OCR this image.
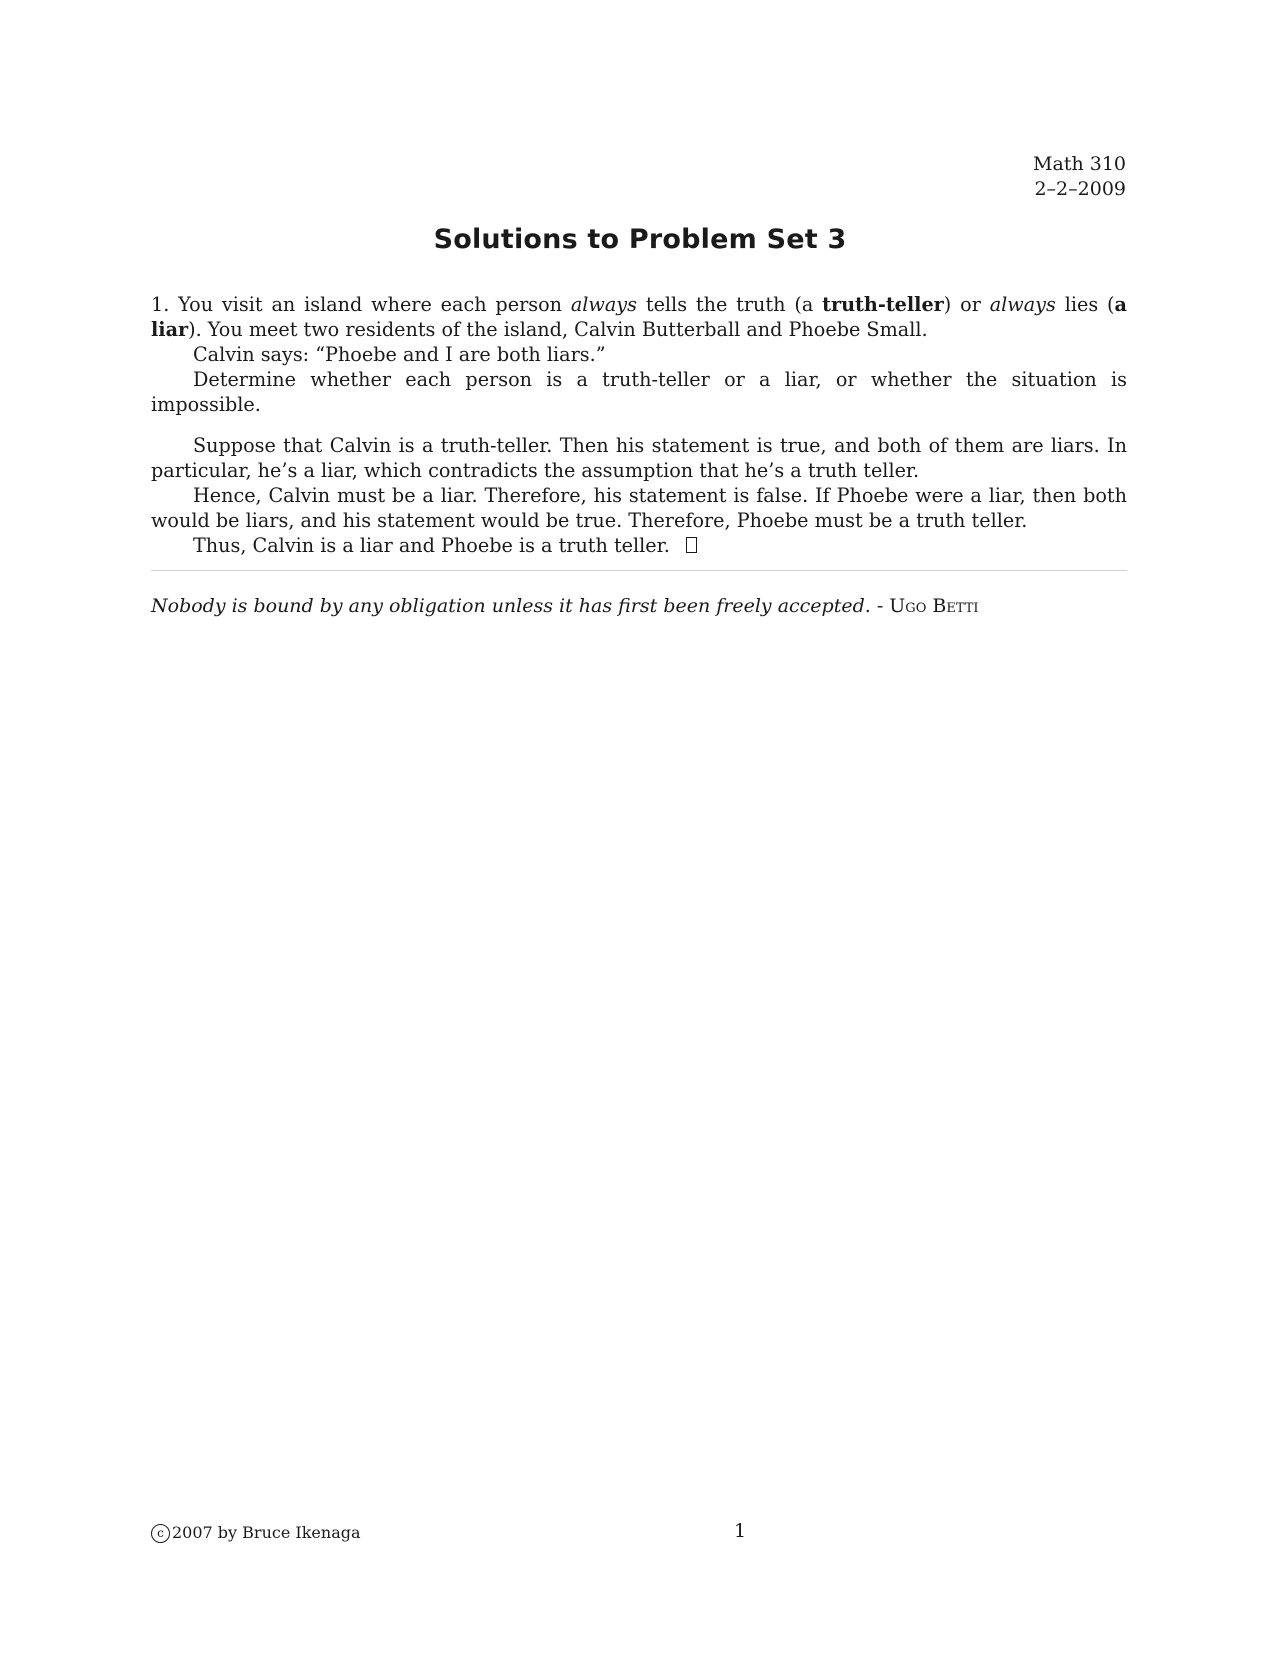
Math 310
2–2–2009
Solutions to Problem Set 3

1. You visit an island where each person always tells the truth (a truth-teller) or always lies (a liar). You meet two residents of the island, Calvin Butterball and Phoebe Small.

Calvin says: “Phoebe and I are both liars.”

Determine whether each person is a truth-teller or a liar, or whether the situation is impossible.

Suppose that Calvin is a truth-teller. Then his statement is true, and both of them are liars. In particular, he’s a liar, which contradicts the assumption that he’s a truth teller.

Hence, Calvin must be a liar. Therefore, his statement is false. If Phoebe were a liar, then both would be liars, and his statement would be true. Therefore, Phoebe must be a truth teller.

Thus, Calvin is a liar and Phoebe is a truth teller.

Nobody is bound by any obligation unless it has first been freely accepted. - Ugo Betti
c 2007 by Bruce Ikenaga	1
